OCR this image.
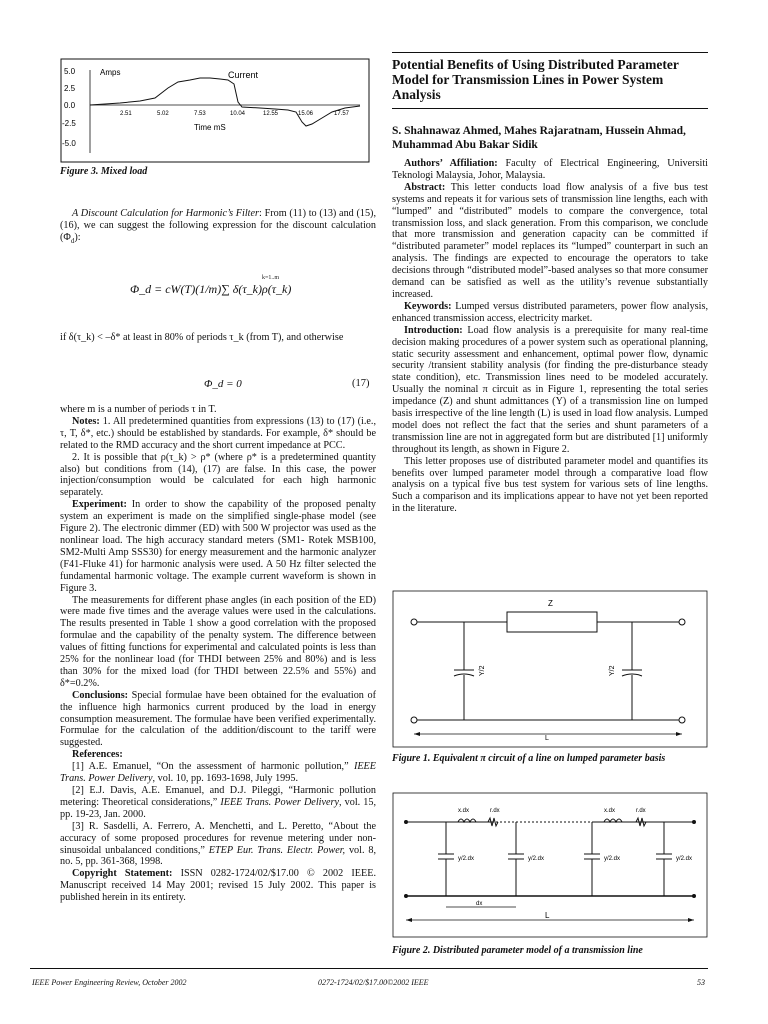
5.0
2.5
0.0
-2.5
-5.0
Amps	Current
2.51	5.02	7.53	10.04	12.55	15.06	17.57
Time mS
Figure 3. Mixed load

A Discount Calculation for Harmonic’s Filter: From (11) to (13) and (15), (16), we can suggest the following expression for the discount calculation $(\Phi_d)$:

Φ_d = cW(T)(1/m)∑ δ(τ_k)ρ(τ_k)
k=1..m

if δ(τ_k) < –δ* at least in 80% of periods τ_k (from T), and otherwise

Φ_d = 0	(17)

where m is a number of periods τ in T.

Notes: 1. All predetermined quantities from expressions (13) to (17) (i.e., τ, T, δ*, etc.) should be established by standards. For example, δ* should be related to the RMD accuracy and the short current impedance at PCC.

2. It is possible that ρ(τ_k) > ρ* (where ρ* is a predetermined quantity also) but conditions from (14), (17) are false. In this case, the power injection/consumption would be calculated for each high harmonic separately.

Experiment: In order to show the capability of the proposed penalty system an experiment is made on the simplified single-phase model (see Figure 2). The electronic dimmer (ED) with 500 W projector was used as the nonlinear load. The high accuracy standard meters (SM1- Rotek MSB100, SM2-Multi Amp SSS30) for energy measurement and the harmonic analyzer (F41-Fluke 41) for harmonic analysis were used. A 50 Hz filter selected the fundamental harmonic voltage. The example current waveform is shown in Figure 3.

The measurements for different phase angles (in each position of the ED) were made five times and the average values were used in the calculations. The results presented in Table 1 show a good correlation with the proposed formulae and the capability of the penalty system. The difference between values of fitting functions for experimental and calculated points is less than 25% for the nonlinear load (for THDI between 25% and 80%) and is less than 30% for the mixed load (for THDI between 22.5% and 55%) and δ*=0.2%.

Conclusions: Special formulae have been obtained for the evaluation of the influence high harmonics current produced by the load in energy consumption measurement. The formulae have been verified experimentally. Formulae for the calculation of the addition/discount to the tariff were suggested.

References:

[1] A.E. Emanuel, “On the assessment of harmonic pollution,” IEEE Trans. Power Delivery, vol. 10, pp. 1693-1698, July 1995.

[2] E.J. Davis, A.E. Emanuel, and D.J. Pileggi, “Harmonic pollution metering: Theoretical considerations,” IEEE Trans. Power Delivery, vol. 15, pp. 19-23, Jan. 2000.

[3] R. Sasdelli, A. Ferrero, A. Menchetti, and L. Peretto, “About the accuracy of some proposed procedures for revenue metering under non-sinusoidal unbalanced conditions,” ETEP Eur. Trans. Electr. Power, vol. 8, no. 5, pp. 361-368, 1998.

Copyright Statement: ISSN 0282-1724/02/$17.00 © 2002 IEEE. Manuscript received 14 May 2001; revised 15 July 2002. This paper is published herein in its entirety.

Potential Benefits of Using Distributed Parameter Model for Transmission Lines in Power System Analysis
S. Shahnawaz Ahmed, Mahes Rajaratnam, Hussein Ahmad, Muhammad Abu Bakar Sidik

Authors’ Affiliation: Faculty of Electrical Engineering, Universiti Teknologi Malaysia, Johor, Malaysia.

Abstract: This letter conducts load flow analysis of a five bus test systems and repeats it for various sets of transmission line lengths, each with “lumped” and “distributed” models to compare the convergence, total transmission loss, and slack generation. From this comparison, we conclude that more transmission and generation capacity can be committed if “distributed parameter” model replaces its “lumped” counterpart in such an analysis. The findings are expected to encourage the operators to take decisions through “distributed model”-based analyses so that more consumer demand can be satisfied as well as the utility’s revenue substantially increased.

Keywords: Lumped versus distributed parameters, power flow analysis, enhanced transmission access, electricity market.

Introduction: Load flow analysis is a prerequisite for many real-time decision making procedures of a power system such as operational planning, static security assessment and enhancement, optimal power flow, dynamic security /transient stability analysis (for finding the pre-disturbance steady state condition), etc. Transmission lines need to be modeled accurately. Usually the nominal π circuit as in Figure 1, representing the total series impedance (Z) and shunt admittances (Y) of a transmission line on lumped basis irrespective of the line length (L) is used in load flow analysis. Lumped model does not reflect the fact that the series and shunt parameters of a transmission line are not in aggregated form but are distributed [1] uniformly throughout its length, as shown in Figure 2.

This letter proposes use of distributed parameter model and quantifies its benefits over lumped parameter model through a comparative load flow analysis on a typical five bus test system for various sets of line lengths. Such a comparison and its implications appear to have not yet been reported in the literature.

Z
Y/2	Y/2
L
Figure 1. Equivalent π circuit of a line on lumped parameter basis
x.dx	r.dx	x.dx	r.dx
y/2.dx	y/2.dx	y/2.dx	y/2.dx
dx
L
Figure 2. Distributed parameter model of a transmission line
IEEE Power Engineering Review, October 2002	0272-1724/02/$17.00©2002 IEEE	53
